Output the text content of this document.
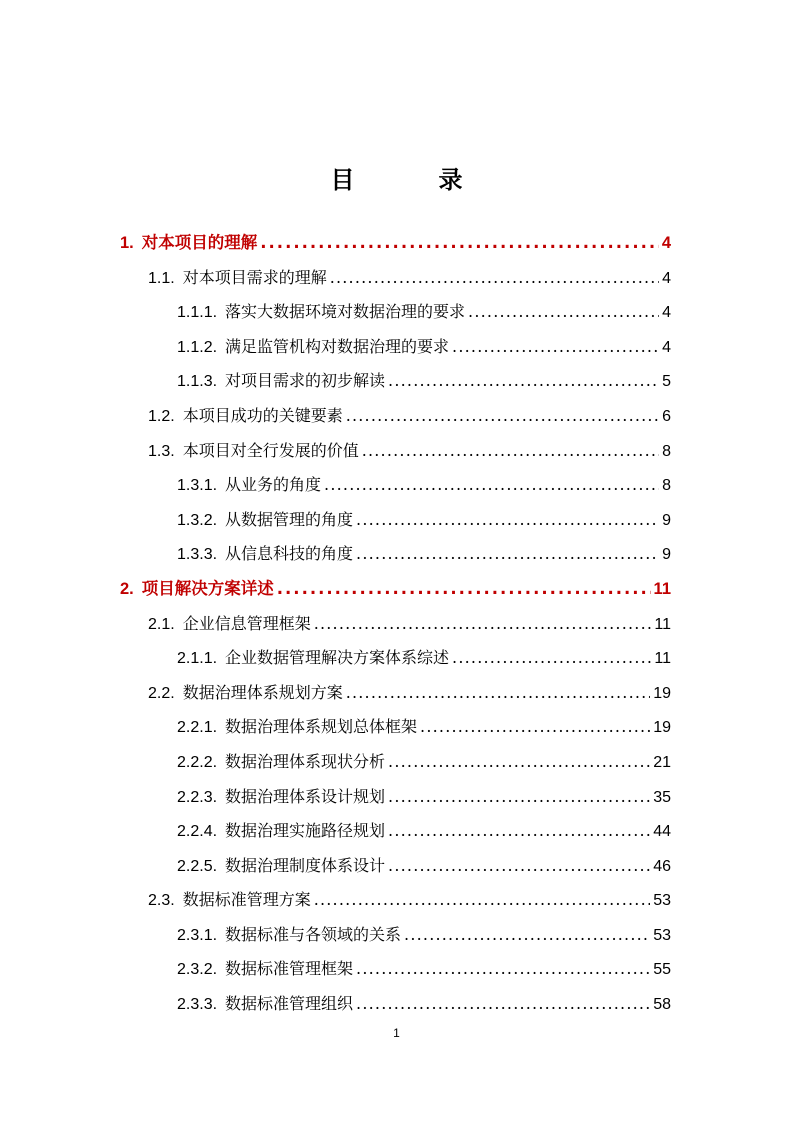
目　录
1. 对本项目的理解 .....	4
1.1. 对本项目需求的理解 .....	4
1.1.1. 落实大数据环境对数据治理的要求 .....	4
1.1.2. 满足监管机构对数据治理的要求 .....	4
1.1.3. 对项目需求的初步解读 .....	5
1.2. 本项目成功的关键要素 .....	6
1.3. 本项目对全行发展的价值 .....	8
1.3.1. 从业务的角度 .....	8
1.3.2. 从数据管理的角度 .....	9
1.3.3. 从信息科技的角度 .....	9
2. 项目解决方案详述 .....	11
2.1. 企业信息管理框架 .....	11
2.1.1. 企业数据管理解决方案体系综述 .....	11
2.2. 数据治理体系规划方案 .....	19
2.2.1. 数据治理体系规划总体框架 .....	19
2.2.2. 数据治理体系现状分析 .....	21
2.2.3. 数据治理体系设计规划 .....	35
2.2.4. 数据治理实施路径规划 .....	44
2.2.5. 数据治理制度体系设计 .....	46
2.3. 数据标准管理方案 .....	53
2.3.1. 数据标准与各领域的关系 .....	53
2.3.2. 数据标准管理框架 .....	55
2.3.3. 数据标准管理组织 .....	58
1
